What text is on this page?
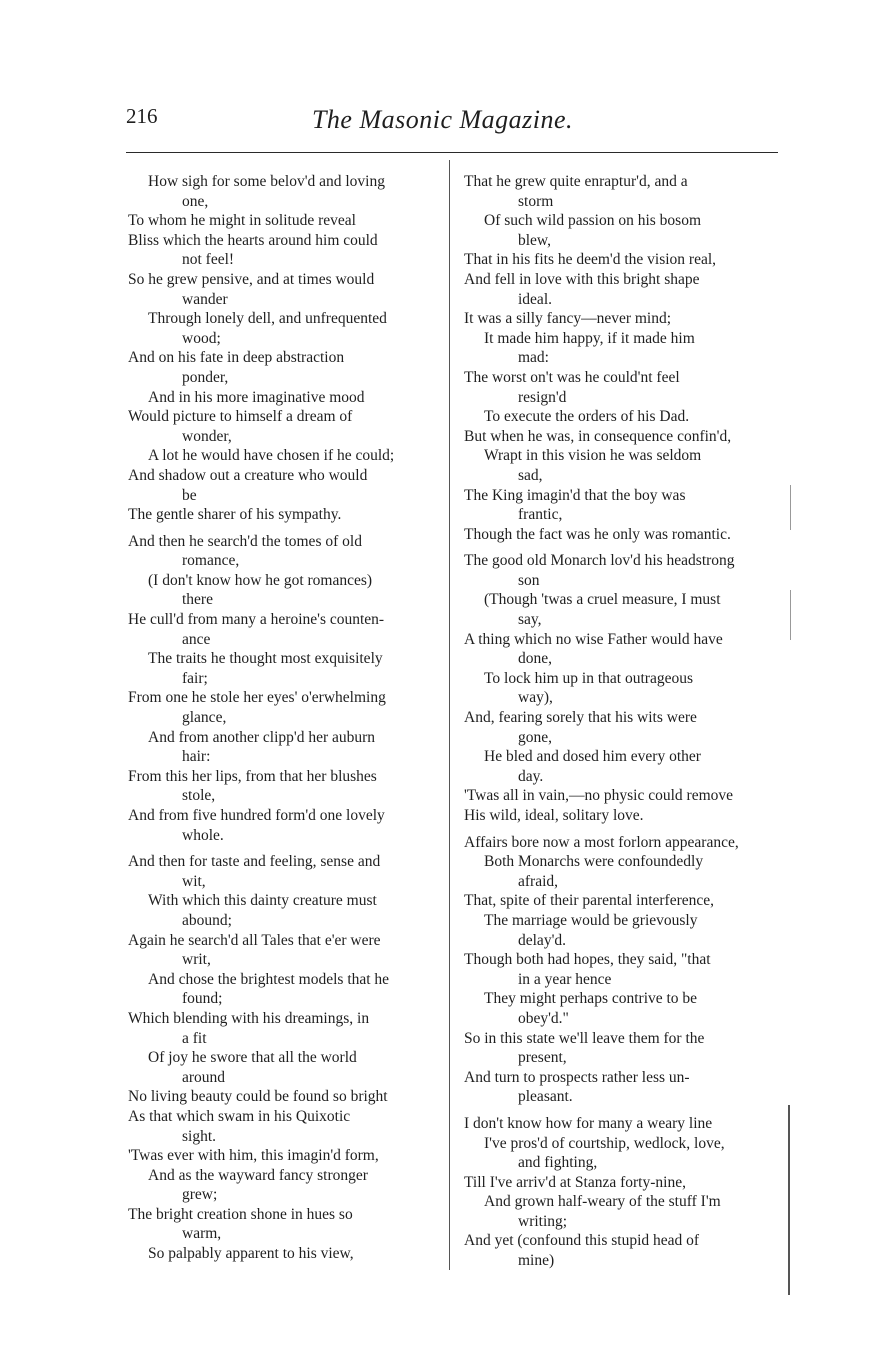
216	The Masonic Magazine.
How sigh for some belov'd and loving
one,
To whom he might in solitude reveal
Bliss which the hearts around him could
not feel!
So he grew pensive, and at times would
wander
Through lonely dell, and unfrequented
wood;
And on his fate in deep abstraction
ponder,
And in his more imaginative mood
Would picture to himself a dream of
wonder,
A lot he would have chosen if he could;
And shadow out a creature who would
be
The gentle sharer of his sympathy.
And then he search'd the tomes of old
romance,
(I don't know how he got romances)
there
He cull'd from many a heroine's counten-
ance
The traits he thought most exquisitely
fair;
From one he stole her eyes' o'erwhelming
glance,
And from another clipp'd her auburn
hair:
From this her lips, from that her blushes
stole,
And from five hundred form'd one lovely
whole.
And then for taste and feeling, sense and
wit,
With which this dainty creature must
abound;
Again he search'd all Tales that e'er were
writ,
And chose the brightest models that he
found;
Which blending with his dreamings, in
a fit
Of joy he swore that all the world
around
No living beauty could be found so bright
As that which swam in his Quixotic
sight.
'Twas ever with him, this imagin'd form,
And as the wayward fancy stronger
grew;
The bright creation shone in hues so
warm,
So palpably apparent to his view,
That he grew quite enraptur'd, and a
storm
Of such wild passion on his bosom
blew,
That in his fits he deem'd the vision real,
And fell in love with this bright shape
ideal.
It was a silly fancy—never mind;
It made him happy, if it made him
mad:
The worst on't was he could'nt feel
resign'd
To execute the orders of his Dad.
But when he was, in consequence confin'd,
Wrapt in this vision he was seldom
sad,
The King imagin'd that the boy was
frantic,
Though the fact was he only was romantic.
The good old Monarch lov'd his headstrong
son
(Though 'twas a cruel measure, I must
say,
A thing which no wise Father would have
done,
To lock him up in that outrageous
way),
And, fearing sorely that his wits were
gone,
He bled and dosed him every other
day.
'Twas all in vain,—no physic could remove
His wild, ideal, solitary love.
Affairs bore now a most forlorn appearance,
Both Monarchs were confoundedly
afraid,
That, spite of their parental interference,
The marriage would be grievously
delay'd.
Though both had hopes, they said, "that
in a year hence
They might perhaps contrive to be
obey'd."
So in this state we'll leave them for the
present,
And turn to prospects rather less un-
pleasant.
I don't know how for many a weary line
I've pros'd of courtship, wedlock, love,
and fighting,
Till I've arriv'd at Stanza forty-nine,
And grown half-weary of the stuff I'm
writing;
And yet (confound this stupid head of
mine)
